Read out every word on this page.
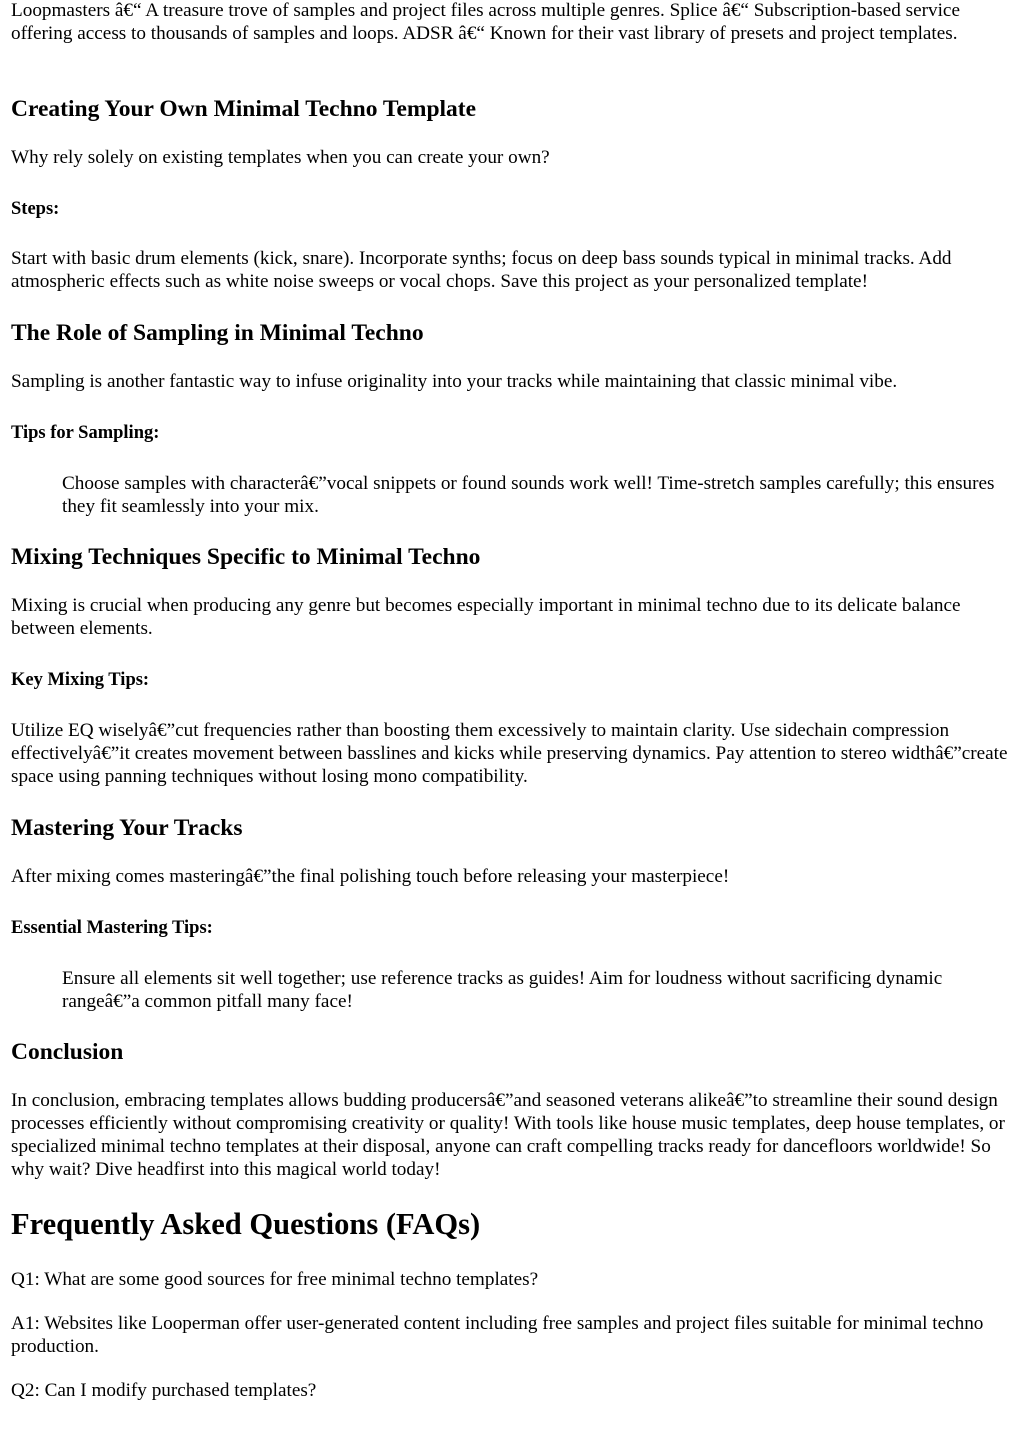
Loopmasters â€“ A treasure trove of samples and project files across multiple genres. Splice â€“ Subscription-based service offering access to thousands of samples and loops. ADSR â€“ Known for their vast library of presets and project templates.

Creating Your Own Minimal Techno Template

Why rely solely on existing templates when you can create your own?

Steps:

Start with basic drum elements (kick, snare). Incorporate synths; focus on deep bass sounds typical in minimal tracks. Add atmospheric effects such as white noise sweeps or vocal chops. Save this project as your personalized template!

The Role of Sampling in Minimal Techno

Sampling is another fantastic way to infuse originality into your tracks while maintaining that classic minimal vibe.

Tips for Sampling:
Choose samples with characterâ€”vocal snippets or found sounds work well! Time-stretch samples carefully; this ensures they fit seamlessly into your mix.
Mixing Techniques Specific to Minimal Techno

Mixing is crucial when producing any genre but becomes especially important in minimal techno due to its delicate balance between elements.

Key Mixing Tips:

Utilize EQ wiselyâ€”cut frequencies rather than boosting them excessively to maintain clarity. Use sidechain compression effectivelyâ€”it creates movement between basslines and kicks while preserving dynamics. Pay attention to stereo widthâ€”create space using panning techniques without losing mono compatibility.

Mastering Your Tracks

After mixing comes masteringâ€”the final polishing touch before releasing your masterpiece!

Essential Mastering Tips:
Ensure all elements sit well together; use reference tracks as guides! Aim for loudness without sacrificing dynamic rangeâ€”a common pitfall many face!
Conclusion

In conclusion, embracing templates allows budding producersâ€”and seasoned veterans alikeâ€”to streamline their sound design processes efficiently without compromising creativity or quality! With tools like house music templates, deep house templates, or specialized minimal techno templates at their disposal, anyone can craft compelling tracks ready for dancefloors worldwide! So why wait? Dive headfirst into this magical world today!

Frequently Asked Questions (FAQs)

Q1: What are some good sources for free minimal techno templates?

A1: Websites like Looperman offer user-generated content including free samples and project files suitable for minimal techno production.

Q2: Can I modify purchased templates?
